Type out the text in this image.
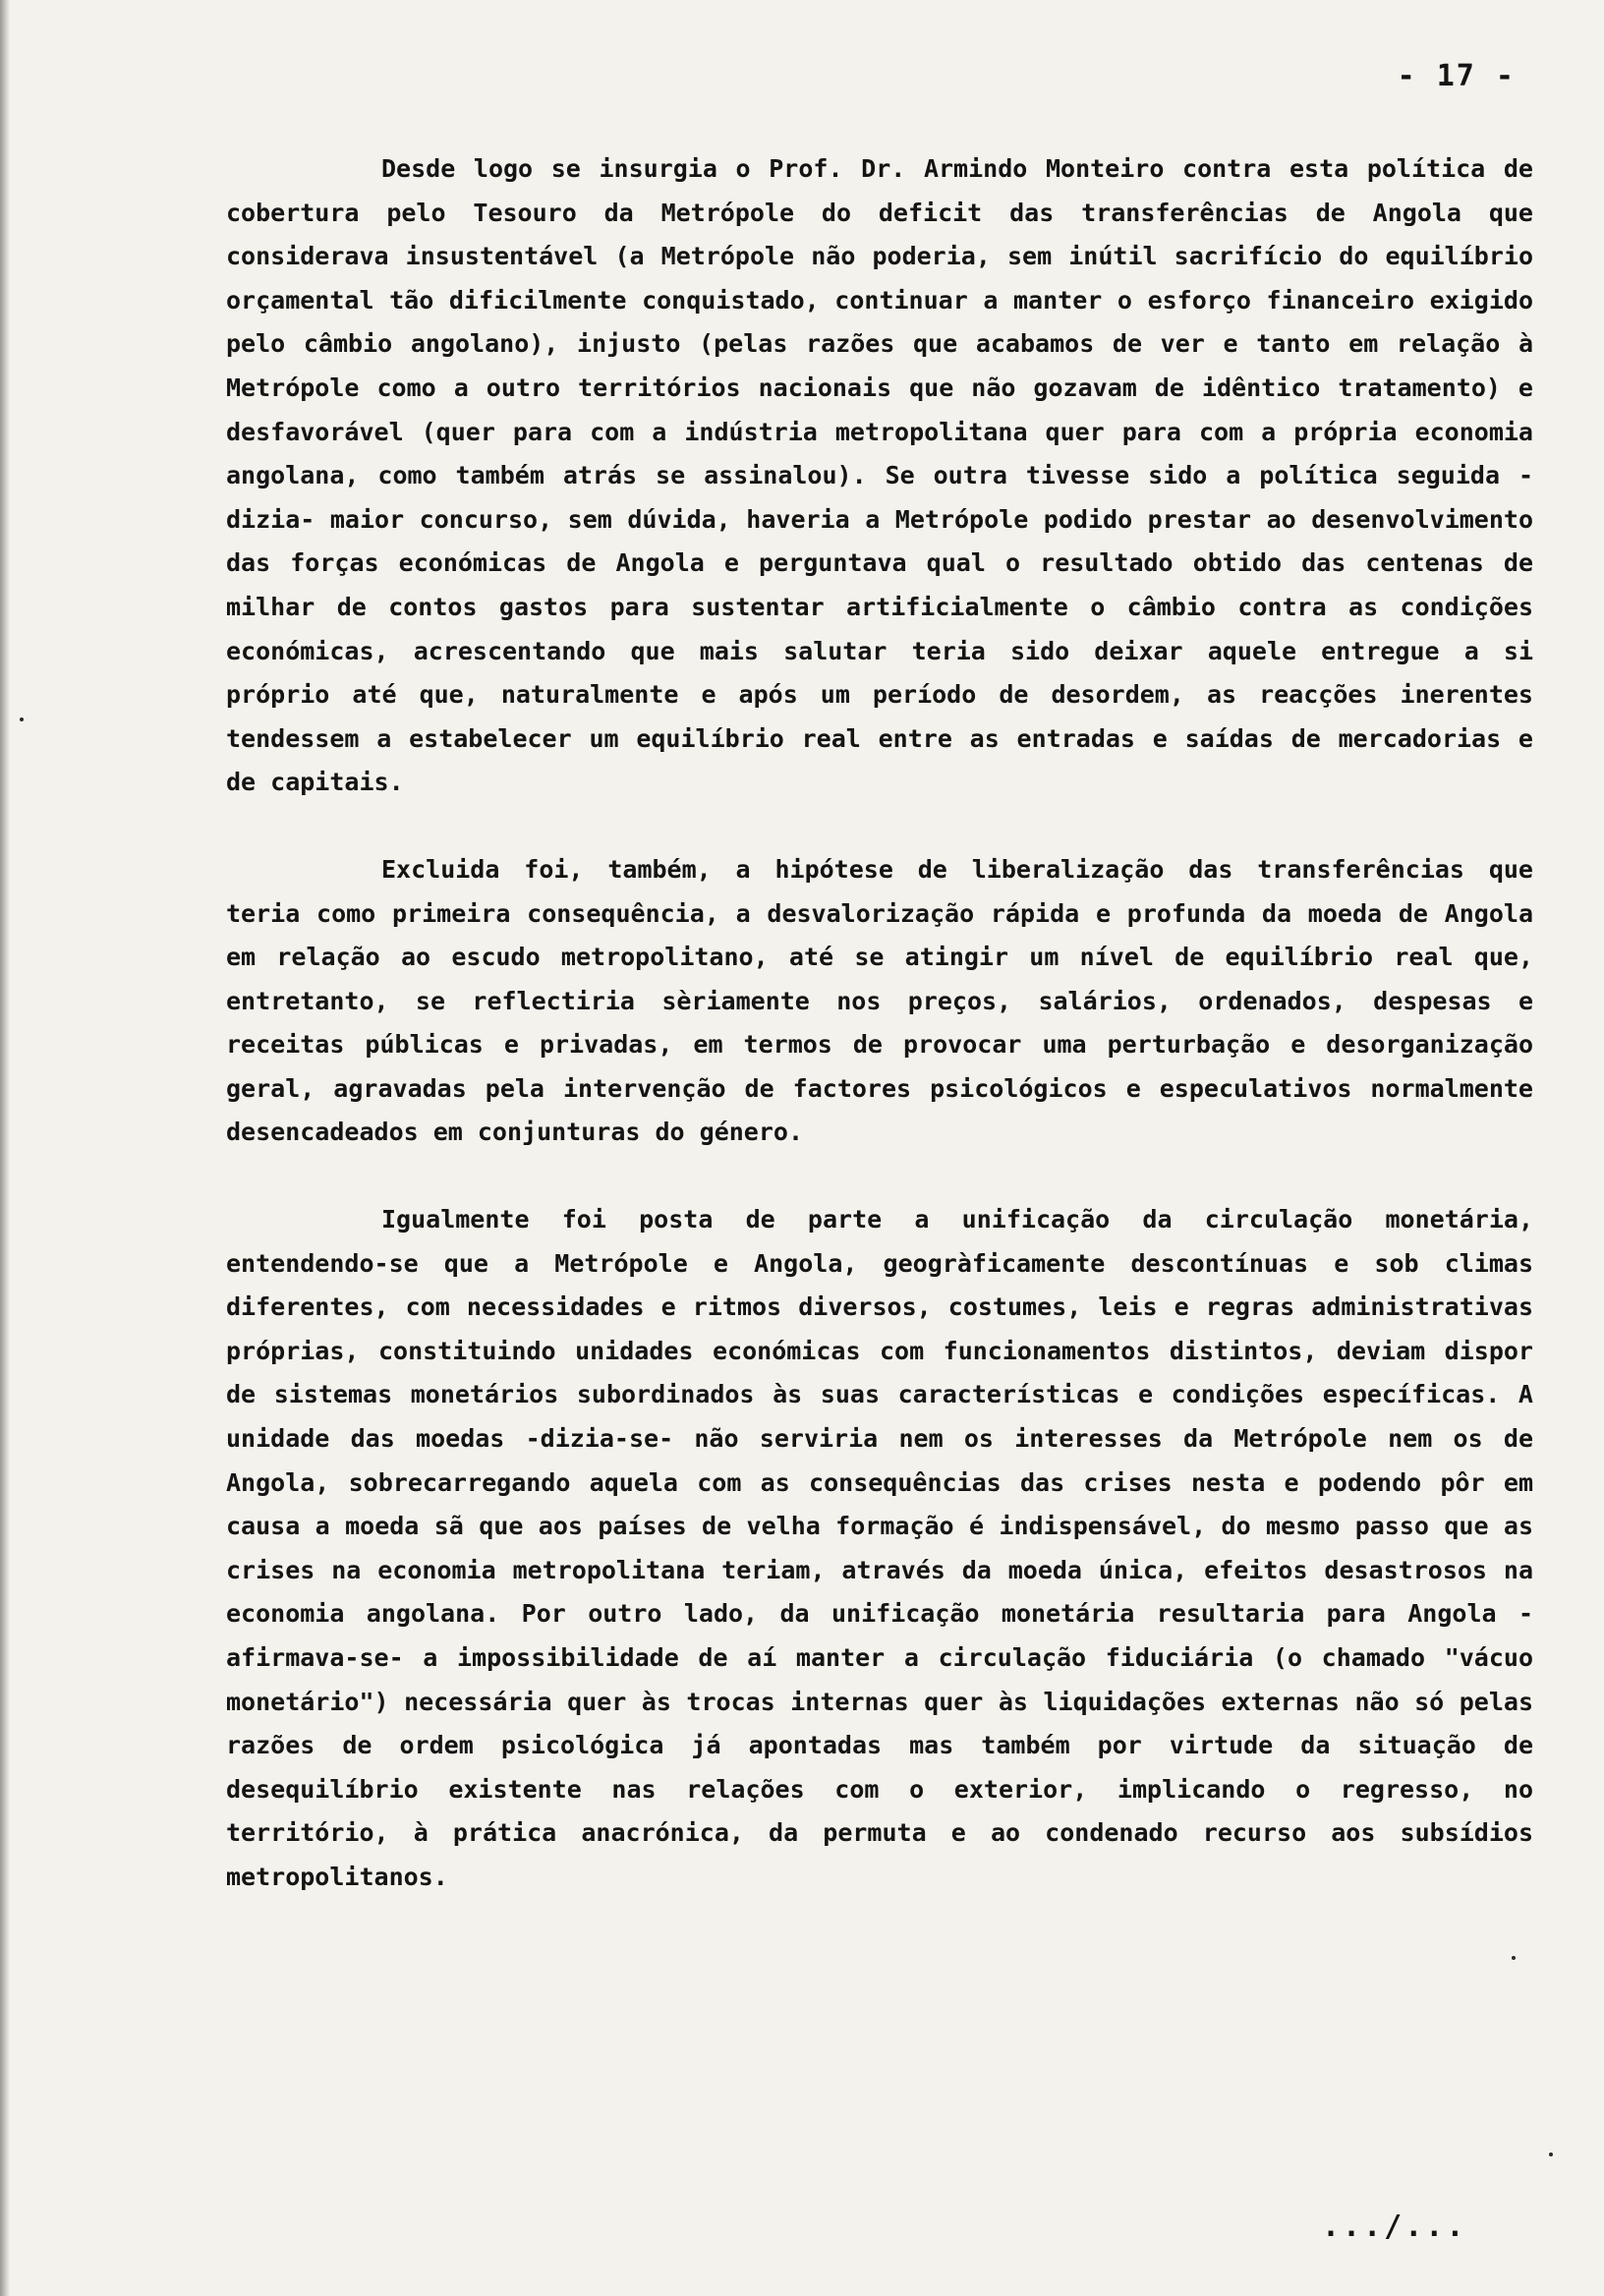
- 17 -

Desde logo se insurgia o Prof. Dr. Armindo Monteiro contra esta política de cobertura pelo Tesouro da Metrópole do deficit das transferências de Angola que considerava insustentável (a Metrópole não poderia, sem inútil sacrifício do equilíbrio orçamental tão dificilmente conquistado, continuar a manter o esforço financeiro exigido pelo câmbio angolano), injusto (pelas razões que acabamos de ver e tanto em relação à Metrópole como a outro territórios nacionais que não gozavam de idêntico tratamento) e desfavorável (quer para com a indústria metropolitana quer para com a própria economia angolana, como também atrás se assinalou). Se outra tivesse sido a política seguida -dizia- maior concurso, sem dúvida, haveria a Metrópole podido prestar ao desenvolvimento das forças económicas de Angola e perguntava qual o resultado obtido das centenas de milhar de contos gastos para sustentar artificialmente o câmbio contra as condições económicas, acrescentando que mais salutar teria sido deixar aquele entregue a si próprio até que, naturalmente e após um período de desordem, as reacções inerentes tendessem a estabelecer um equilíbrio real entre as entradas e saídas de mercadorias e de capitais.

Excluida foi, também, a hipótese de liberalização das transferências que teria como primeira consequência, a desvalorização rápida e profunda da moeda de Angola em relação ao escudo metropolitano, até se atingir um nível de equilíbrio real que, entretanto, se reflectiria sèriamente nos preços, salários, ordenados, despesas e receitas públicas e privadas, em termos de provocar uma perturbação e desorganização geral, agravadas pela intervenção de factores psicológicos e especulativos normalmente desencadeados em conjunturas do género.

Igualmente foi posta de parte a unificação da circulação monetária, entendendo-se que a Metrópole e Angola, geogràficamente descontínuas e sob climas diferentes, com necessidades e ritmos diversos, costumes, leis e regras administrativas próprias, constituindo unidades económicas com funcionamentos distintos, deviam dispor de sistemas monetários subordinados às suas características e condições específicas. A unidade das moedas -dizia-se- não serviria nem os interesses da Metrópole nem os de Angola, sobrecarregando aquela com as consequências das crises nesta e podendo pôr em causa a moeda sã que aos países de velha formação é indispensável, do mesmo passo que as crises na economia metropolitana teriam, através da moeda única, efeitos desastrosos na economia angolana. Por outro lado, da unificação monetária resultaria para Angola -afirmava-se- a impossibilidade de aí manter a circulação fiduciária (o chamado "vácuo monetário") necessária quer às trocas internas quer às liquidações externas não só pelas razões de ordem psicológica já apontadas mas também por virtude da situação de desequilíbrio existente nas relações com o exterior, implicando o regresso, no território, à prática anacrónica, da permuta e ao condenado recurso aos subsídios metropolitanos.

.../...
